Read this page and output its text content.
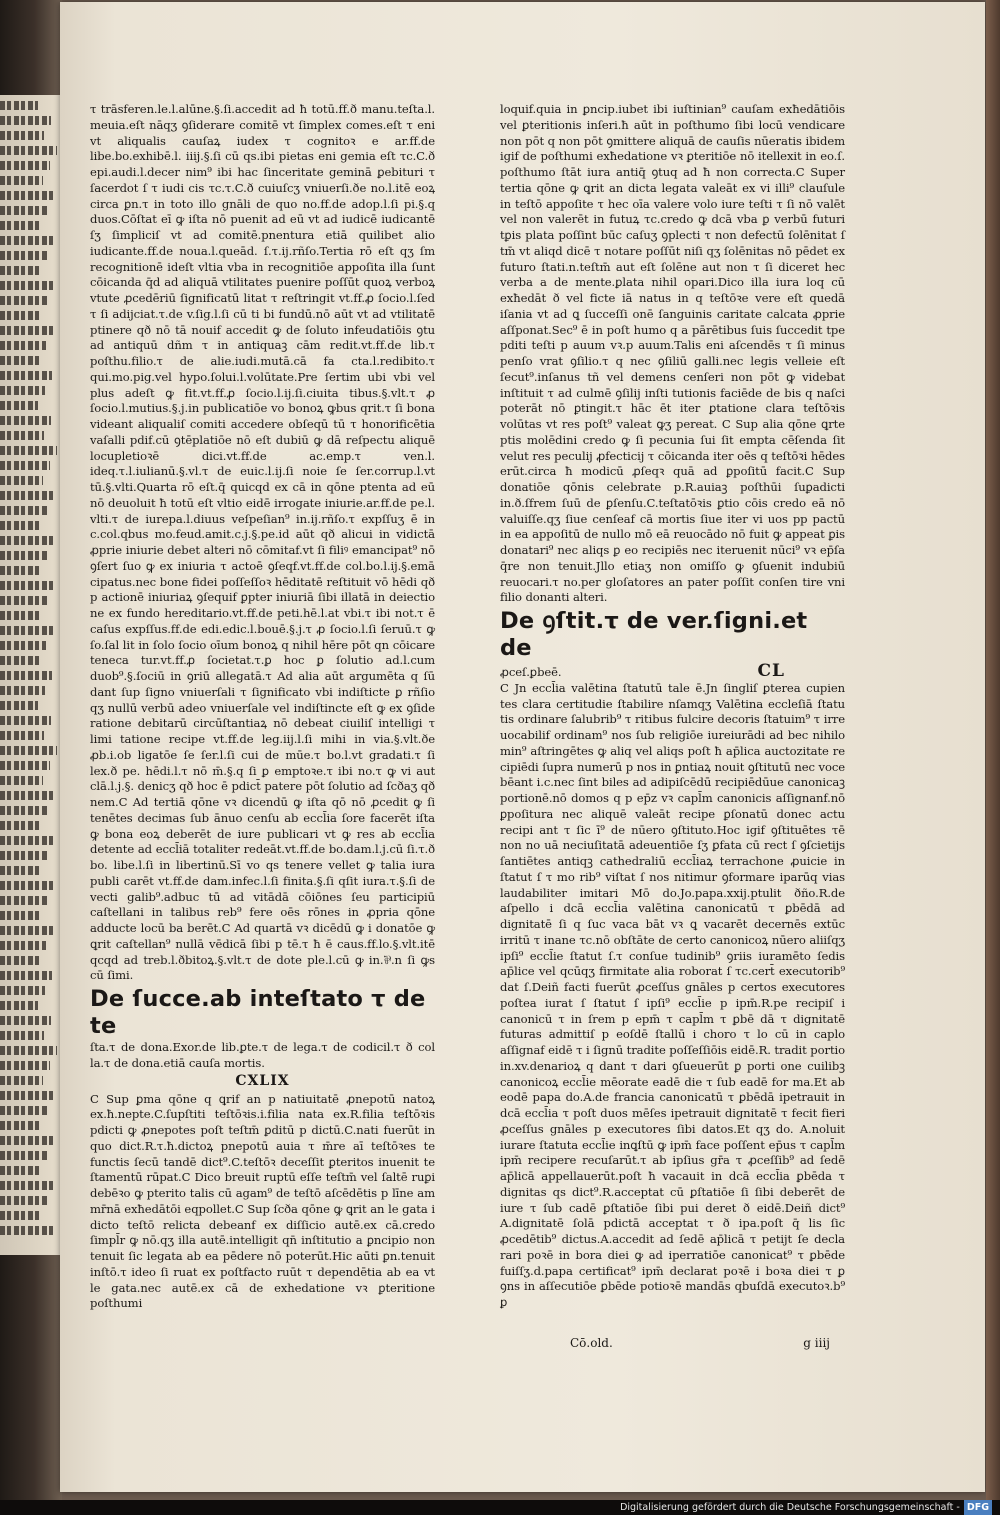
τ trāsferen.le.l.alūne.§.ſi.accedit ad ħ totū.ff.ð manu.teſta.l. meuia.eſt nāqʒ ꝯſiderare comitē vt ſimplex comes.eſt τ eni vt aliqualis cauſaꝝ iudex τ cognitoꝛ e ar.ff.de libe.bo.exhibē.l. iiij.§.ſi cū qs.ibi pietas eni gemia eſt τc.C.ð epi.audi.l.decer nim⁹ ibi hac ſinceritate geminā ꝑebituri τ ſacerdot ſ τ iudi cis τc.τ.C.ð cuiuſcʒ vniuerſi.ðe no.l.itē eoꝝ circa ꝑn.τ in toto illo gnāli de quo no.ff.de adop.l.ſi pi.§.q duos.Cōſtat eī ꝙ iſta nō puenit ad eū vt ad iudicē iudicantē ſʒ ſimpliciſ vt ad comitē.pnentura etiā quilibet alio iudicante.ff.de noua.l.queād. ſ.τ.ij.rñſo.Tertia rō eſt qʒ ſm recognitionē ideſt vltia vba in recognitiōe appoſita illa ſunt cōicanda q̄d ad aliquā vtilitates puenire poſſūt quoꝝ verboꝝ vtute ꝓcedēriū ſignificatū litat τ reſtringit vt.ff.ꝓ ſocio.l.ſed τ ſi adijciat.τ.de v.ſig.l.ſi cū ti bi fundū.nō aūt vt ad vtilitatē ptinere qð nō tā nouif accedit ꝙ de ſoluto infeudatiōis ꝯtu ad antiquū dñm τ in antiquaꝫ cām redit.vt.ff.de lib.τ poſthu.filio.τ de alie.iudi.mutā.cā fa cta.l.redibito.τ qui.mo.pig.vel hypo.ſolui.l.volūtate.Pre ſertim ubi vbi vel plus adeſt ꝙ fit.vt.ff.ꝓ ſocio.l.ij.ſi.ciuita tibus.§.vlt.τ ꝓ ſocio.l.mutius.§.j.in publicatiōe vo bonoꝝ ꝙbus qrit.τ ſi bona videant aliqualiſ comiti accedere obſeqū tū τ honorificētia vaſalli pdif.cū ꝯtēplatiōe nō eſt dubiū ꝙ dā reſpectu aliquē locupletioꝛē dici.vt.ff.de ac.emp.τ ven.l. ideq.τ.l.iulianū.§.vl.τ de euic.l.ij.ſi noie ſe ſer.corrup.l.vt tū.§.vlti.Quarta rō eſt.q̄ quicqd ex cā in qōne ptenta ad eū nō deuoluit ħ totū eſt vltio eidē irrogate iniurie.ar.ff.de pe.l. vlti.τ de iurepa.l.diuus veſpeſian⁹ in.ij.rñſo.τ expſſuʒ ē in c.col.qbus mo.feud.amit.c.j.§.pe.id aūt qð alicui in vidictā ꝓprie iniurie debet alteri nō cōmitaf.vt ſi filiꝰ emancipat⁹ nō ꝯſert ſuo ꝙ ex iniuria τ actoē ꝯſeqf.vt.ff.de col.bo.l.ij.§.emā cipatus.nec bone fidei poſſeſſoꝛ hēditatē reſtituit vō hēdi qð p actionē iniuriaꝝ ꝯſequif ꝑpter iniuriā ſibi illatā in deiectio ne ex fundo hereditario.vt.ff.de peti.hē.l.at vbi.τ ibi not.τ ē caſus expſſus.ff.de edi.edic.l.bouē.§.j.τ ꝓ ſocio.l.ſi ſeruū.τ ꝙ ſo.ſal lit in ſolo ſocio oīum bonoꝝ q nihil hēre pōt qn cōicare teneca tur.vt.ff.ꝓ ſocietat.τ.ꝑ hoc ꝑ ſolutio ad.l.cum duob⁹.§.ſociū in ꝯriū allegatā.τ Ad alia aūt argumēta q ſū dant ſup ſigno vniuerſali τ ſignificato vbi indiſticte ꝑ rñſio qʒ nullū verbū adeo vniuerſale vel indiſtincte eſt ꝙ ex ꝯſide ratione debitarū circūſtantiaꝝ nō debeat ciuiliſ intelligi τ limi tatione recipe vt.ff.de leg.iij.l.ſi mihi in via.§.vlt.ðe ꝓb.i.ob ligatōe ſe ſer.l.ſi cui de mūe.τ bo.l.vt gradati.τ ſi lex.ð pe. hēdi.l.τ nō m̄.§.q ſi ꝑ emptoꝛe.τ ibi no.τ ꝙ vi aut clā.l.j.§. denicʒ qð hoc ē pdict̄ patere pōt ſolutio ad ſcðaʒ qð nem.C Ad tertiā qōne vꝛ dicendū ꝙ iſta qō nō ꝓcedit ꝙ ſi tenētes decimas ſub ānuo cenſu ab eccl̄ia ſore facerēt iſta ꝙ bona eoꝝ deberēt de iure publicari vt ꝙ res ab eccl̄ia detente ad eccl̄iā totaliter redeāt.vt.ff.de bo.dam.l.j.cū ſi.τ.ð bo. libe.l.ſi in libertinū.Sī vo qs tenere vellet ꝙ talia iura publi carēt vt.ff.de dam.infec.l.ſi finita.§.ſi qſit iura.τ.§.ſi de vecti galib⁹.adbuc tū ad vitādā cōiōnes ſeu participiū caſtellani in talibus reb⁹ fere oēs rōnes in ꝓpria qōne adducte locū ba berēt.C Ad quartā vꝛ dicēdū ꝙ i donatōe ꝙ ꝗrit caſtellan⁹ nullā vēdicā ſibi p tē.τ ħ ē caus.ff.lo.§.vlt.itē qcqd ad treb.l.ðbitoꝝ.§.vlt.τ de dote ple.l.cū ꝙ in.⅌.n ſi ꝙs cū ſimi.

De ſucce.ab inteſtato τ de te

ſta.τ de dona.Exor.de lib.ꝑte.τ de lega.τ de codicil.τ ð col la.τ de dona.etiā cauſa mortis.

CXLIX

C Sup ꝑma qōne q ꝗrif an p natiuitatē ꝓnepotū natoꝝ ex.ħ.nepte.C.ſupſtiti teſtōꝛis.i.filia nata ex.R.filia teſtōꝛis pdicti ꝙ ꝓnepotes poſt teſtm̄ ꝑditū p dictū.C.nati fuerūt in quo dict.R.τ.ħ.dictoꝝ pnepotū auia τ m̄re aī teſtōꝛes te functis ſecū tandē dict⁹.C.teſtōꝛ deceſſit ꝑteritos inuenit te ſtamentū rūpat.C Dico breuit ruptū eſſe teſtm̄ vel ſaltē ruꝑi debēꝛo ꝙ pterito talis cū agam⁹ de teſtō aſcēdētis p līne am mr̄nā exħedātōi eqpollet.C Sup ſcða qōne ꝙ ꝗrit an le gata i dicto teſtō relicta debeanf ex diſſicio autē.ex cā.credo ſimpl̄r ꝙ nō.qʒ illa autē.intelligit qn̄ inſtitutio a ꝑncipio non tenuit ſic legata ab ea pēdere nō poterūt.Hic aūti ꝑn.tenuit inſtō.τ ideo ſi ruat ex poſtfacto ruūt τ dependētia ab ea vt le gata.nec autē.ex cā de exhedatione vꝛ ꝑteritione poſthumi

loquif.quia in ꝑncip.iubet ibi iuſtinian⁹ cauſam exħedātiōis vel ꝑteritionis inſeri.ħ aūt in poſthumo ſibi locū vendicare non pōt q non pōt ꝯmittere aliquā de cauſis nūeratis ibidem igif de poſthumi exħedatione vꝛ ꝑteritiōe nō itellexit in eo.ſ. poſthumo ſtāt iura antiq̄ ꝯtuq ad ħ non correcta.C Super tertia qōne ꝙ ꝗrit an dicta legata valeāt ex vi illi⁹ clauſule in teſtō appoſite τ hec oīa valere volo iure teſti τ ſi nō valēt vel non valerēt in futuꝝ τc.credo ꝙ dcā vba ꝑ verbū futuri tꝑis plata poſſint būc caſuʒ ꝯplecti τ non defectū ſolēnitat ſ tm̄ vt aliqd dicē τ notare poſſūt niſi qʒ ſolēnitas nō pēdet ex futuro ſtati.n.teſtm̄ aut eſt ſolēne aut non τ ſi diceret hec verba a de mente.ꝑlata nihil opari.Dico illa iura loq cū exħedāt ð vel ficte iā natus in q teſtōꝛe vere eſt quedā iſania vt ad ꝗ ſucceſſi onē ſanguinis caritate calcata ꝓprie aſſponat.Sec⁹ ē in poſt humo q a pārētibus ſuis ſuccedit tpe pditi teſti p auum vꝛ.p auum.Talis eni aſcendēs τ ſi minus penſo vrat ꝯſilio.τ q nec ꝯſiliū galli.nec legis velleie eſt ſecut⁹.inſanus tñ vel demens cenſeri non pōt ꝙ videbat inſtituit τ ad culmē ꝯſilij inſti tutionis faciēde de bis q naſci poterāt nō ꝑtingit.τ hāc ēt iter ꝑtatione clara teſtōꝛis volūtas vt res poſt⁹ valeat ꝙʒ pereat. C Sup alia qōne ꝗrte ptis molēdini credo ꝙ ſi pecunia ſui ſit empta cēſenda ſit velut res peculij ꝓfecticij τ cōicanda iter oēs q teſtōꝛi hēdes erūt.circa ħ modicū ꝓſeqꝛ quā ad ꝑpoſitū facit.C Sup donatiōe qōnis celebrate p.R.auiaꝫ poſthūi ſuꝑadicti in.ð.ſfrem ſuū de ꝑſenſu.C.teſtatōꝛis ꝑtio cōis credo eā nō valuiſſe.qʒ ſiue cenſeaf cā mortis ſiue iter vi uos pp pactū in ea appoſitū de nullo mō eā reuocādo nō fuit ꝙ appeat ꝑis donatari⁹ nec aliqs ꝑ eo recipiēs nec iteruenit nūci⁹ vꝛ ep̄ſa q̄re non tenuit.Jllo etiaʒ non omiſſo ꝙ ꝯſuenit indubiū reuocari.τ no.per gloſatores an pater poſſit conſen tire vni filio donanti alteri.

De ꝯſtit.τ de ver.ſigni.et de
ꝓceſ.ꝑbeē.	CL

C Jn eccl̄ia valētina ſtatutū tale ē.Jn ſingliſ ꝑterea cupien tes clara certitudie ſtabilire nſamqʒ Valētina eccleſiā ſtatu tis ordinare ſalubrib⁹ τ ritibus fulcire decoris ſtatuim⁹ τ irre uocabilif ordinam⁹ nos ſub religiōe iureiurādi ad bec nihilo min⁹ aſtringētes ꝙ aliq vel aliqs poſt ħ ap̄lica auctozitate re cipiēdi ſupra numerū p nos in ꝑntiaꝝ nouit ꝯſtitutū nec voce bēant i.c.nec ſint biles ad adipiſcēdū recipiēdūue canonicaꝫ portionē.nō domos q p ep̄z vꝛ capl̄m canonicis aſſignanf.nō ꝑpoſitura nec aliquē valeāt recipe ꝑſonatū donec actu recipi ant τ ſic ī⁹ de nūero ꝯſtituto.Hoc igif ꝯſtituētes τē non no uā neciuſitatā adeuentiōe ſʒ ꝑfata cū rect ſ ꝯſcietijs ſantiētes antiqꝫ cathedraliū eccl̄iaꝝ terrachone ꝓuicie in ſtatut ſ τ mo rib⁹ viſtat ſ nos nitimur ꝯformare iparūq vias laudabiliter imitari Mō do.Jo.papa.xxij.ptulit ðño.R.de aſpello i dcā eccl̄ia valētina canonicatū τ ꝑbēdā ad dignitatē ſi q ſuc vaca bāt vꝛ ꝗ vacarēt decernēs extūc irritū τ inane τc.nō obſtāte de certo canonicoꝝ nūero aliiſqʒ ipſi⁹ eccl̄ie ſtatut ſ.τ conſue tudinib⁹ ꝯriis iuramēto ſedis ap̄lice vel qcūqʒ firmitate alia roborat ſ τc.cert̄ executorib⁹ dat ſ.Deiñ facti fuerūt ꝓceſſus gnāles p certos executores poſtea iurat ſ ſtatut ſ ipſi⁹ eccl̄ie p ipm̄.R.pe recipiſ i canonicū τ in ſrem p epm̄ τ capl̄m τ ꝑbē dā τ dignitatē futuras admittiſ p eoſdē ſtallū i choro τ lo cū in caplo aſſignaf eidē τ i ſignū tradite poſſeſſiōis eidē.R. tradit portio in.xv.denarioꝝ q dant τ dari ꝯſueuerūt ꝑ porti one cuilibꝫ canonicoꝝ eccl̄ie mēorate eadē die τ ſub eadē for ma.Et ab eodē papa do.A.de francia canonicatū τ ꝑbēdā ipetrauit in dcā eccl̄ia τ poſt duos mēſes ipetrauit dignitatē τ fecit fieri ꝓceſſus gnāles p executores ſibi datos.Et qʒ do. A.noluit iurare ſtatuta eccl̄ie inꝗſtū ꝙ ipm̄ face poſſent ep̄us τ capl̄m ipm̄ recipere recuſarūt.τ ab ipſius gr̄a τ ꝓceſſib⁹ ad ſedē ap̄licā appellauerūt.poſt ħ vacauit in dcā eccl̄ia ꝑbēda τ dignitas qs dict⁹.R.acceptat cū ꝑſtatiōe ſi ſibi deberēt de iure τ ſub cadē ꝑſtatiōe ſibi pui deret ð eidē.Deiñ dict⁹ A.dignitatē ſolā pdictā acceptat τ ð ipa.poſt q̄ lis ſic ꝓcedētib⁹ dictus.A.accedit ad ſedē ap̄licā τ petijt ſe decla rari poꝛē in bora diei ꝙ ad iperratiōe canonicat⁹ τ ꝑbēde fuiſſʒ.d.papa certificat⁹ ipm̄ declarat poꝛē i boꝛa diei τ ꝑ ꝯns in aſſecutiōe ꝑbēde potioꝛē mandās qbuſdā executoꝛ.b⁹ ꝑ

Cō.old.	g iiij
Digitalisierung gefördert durch die Deutsche Forschungsgemeinschaft - DFG
